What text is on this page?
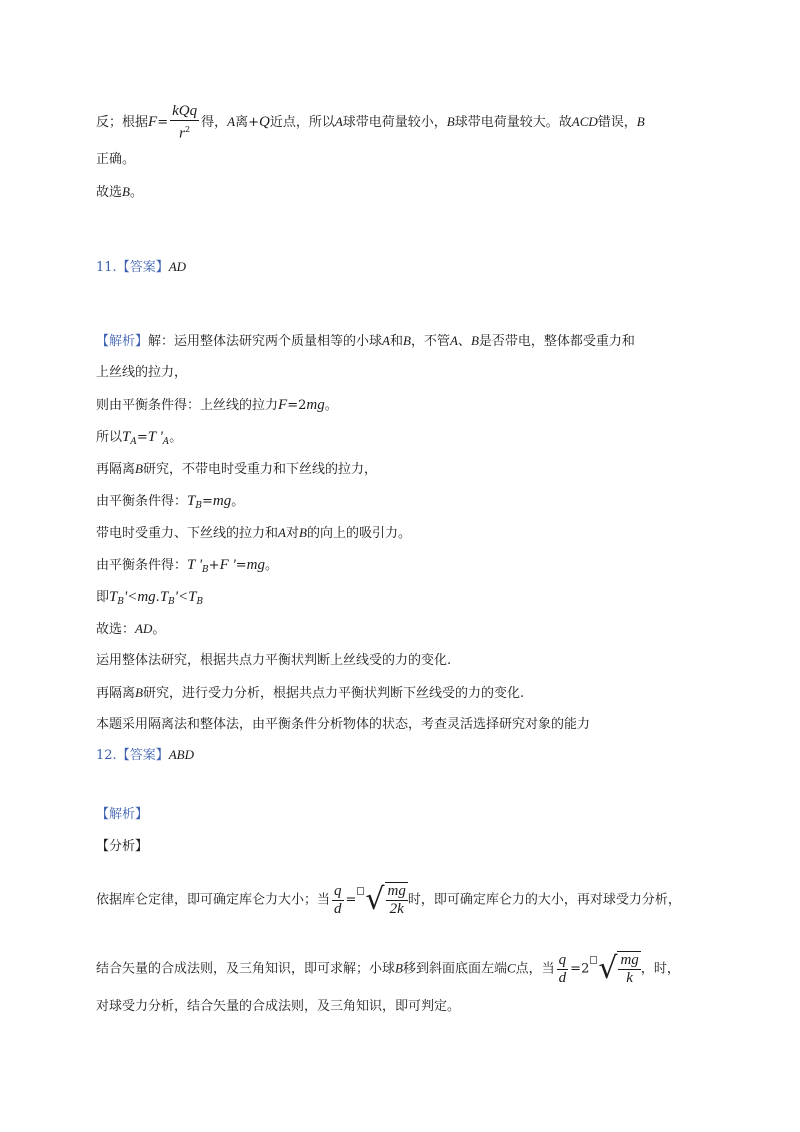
反；根据$F= \frac{\text{kQq}}{r^2}$ 得，A离+Q近点，所以A球带电荷量较小，B球带电荷量较大。故ACD错误，B
正确。
故选B。
11.【答案】AD
【解析】解：运用整体法研究两个质量相等的小球A和B，不管A、B是否带电，整体都受重力和
上丝线的拉力，
则由平衡条件得：上丝线的拉力F=2mg。
所以$T_A=T$ '$_A$。
再隔离B研究，不带电时受重力和下丝线的拉力，
由平衡条件得：$T_B=mg$。
带电时受重力、下丝线的拉力和A对B的向上的吸引力。
由平衡条件得：T '$_B+F$ '=mg。
即$T_B'<mg.T_B'<T_B$
故选：AD。
运用整体法研究，根据共点力平衡状判断上丝线受的力的变化.
再隔离B研究，进行受力分析，根据共点力平衡状判断下丝线受的力的变化.
本题采用隔离法和整体法，由平衡条件分析物体的状态，考查灵活选择研究对象的能力
12.【答案】ABD
【解析】
【分析】
依据库仑定律，即可确定库仑力大小；当 $\frac{q}{d}$ = √ $\frac{mg}{2k}$ 时，即可确定库仑力的大小，再对球受力分析，
结合矢量的合成法则，及三角知识，即可求解；小球B移到斜面底面左端C点，当 $\frac{q}{d} =2$ √ $\frac{mg}{k}$ ，时，
对球受力分析，结合矢量的合成法则，及三角知识，即可判定。
